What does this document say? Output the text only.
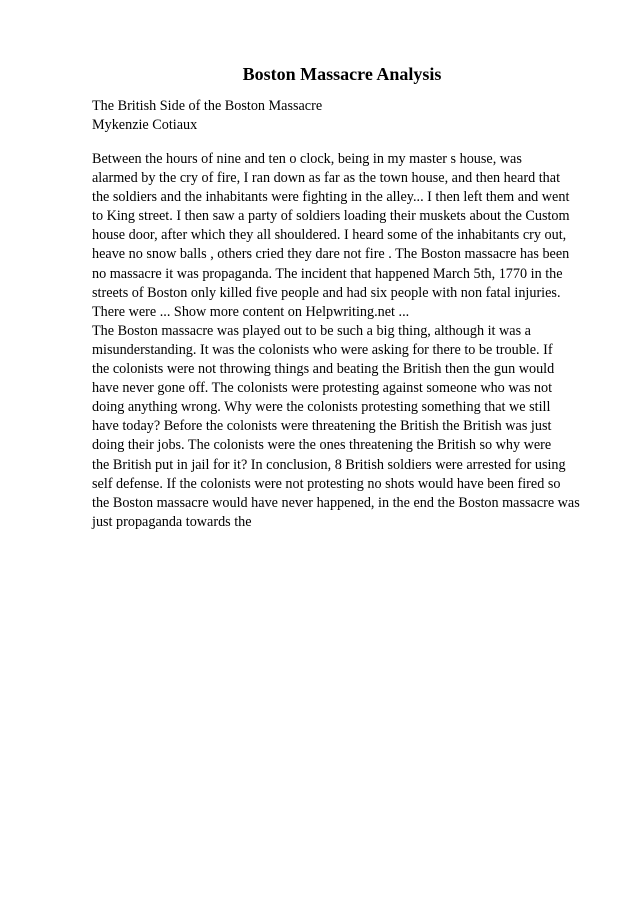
Boston Massacre Analysis
The British Side of the Boston Massacre
Mykenzie Cotiaux
Between the hours of nine and ten o clock, being in my master s house, was
alarmed by the cry of fire, I ran down as far as the town house, and then heard that
the soldiers and the inhabitants were fighting in the alley... I then left them and went
to King street. I then saw a party of soldiers loading their muskets about the Custom
house door, after which they all shouldered. I heard some of the inhabitants cry out,
heave no snow balls , others cried they dare not fire . The Boston massacre has been
no massacre it was propaganda. The incident that happened March 5th, 1770 in the
streets of Boston only killed five people and had six people with non fatal injuries.
There were ... Show more content on Helpwriting.net ...
The Boston massacre was played out to be such a big thing, although it was a
misunderstanding. It was the colonists who were asking for there to be trouble. If
the colonists were not throwing things and beating the British then the gun would
have never gone off. The colonists were protesting against someone who was not
doing anything wrong. Why were the colonists protesting something that we still
have today? Before the colonists were threatening the British the British was just
doing their jobs. The colonists were the ones threatening the British so why were
the British put in jail for it? In conclusion, 8 British soldiers were arrested for using
self defense. If the colonists were not protesting no shots would have been fired so
the Boston massacre would have never happened, in the end the Boston massacre was
just propaganda towards the
